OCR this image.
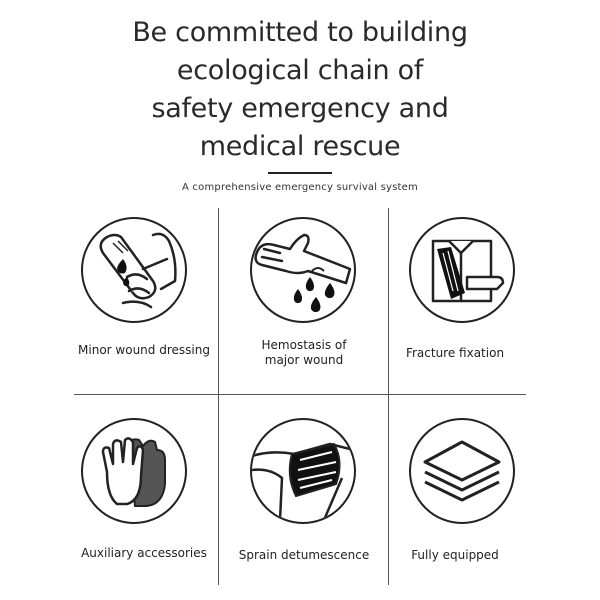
Be committed to building
ecological chain of
safety emergency and
medical rescue
A comprehensive emergency survival system
Minor wound dressing	Hemostasis of
major wound	Fracture fixation
Auxiliary accessories	Sprain detumescence	Fully equipped
